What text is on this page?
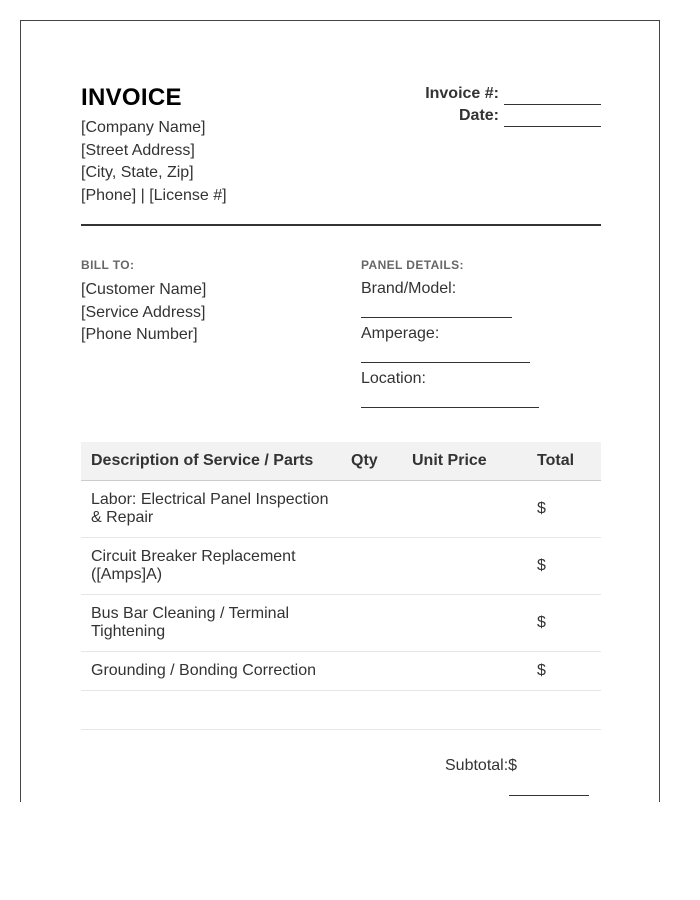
INVOICE
[Company Name]
[Street Address]
[City, State, Zip]
[Phone] | [License #]
Invoice #:
Date:
BILL TO:
[Customer Name]
[Service Address]
[Phone Number]
PANEL DETAILS:
Brand/Model:
Amperage:
Location:
Description of Service / Parts	Qty	Unit Price	Total
Labor: Electrical Panel Inspection & Repair			$
Circuit Breaker Replacement ([Amps]A)			$
Bus Bar Cleaning / Terminal Tightening			$
Grounding / Bonding Correction			$

Subtotal:$
